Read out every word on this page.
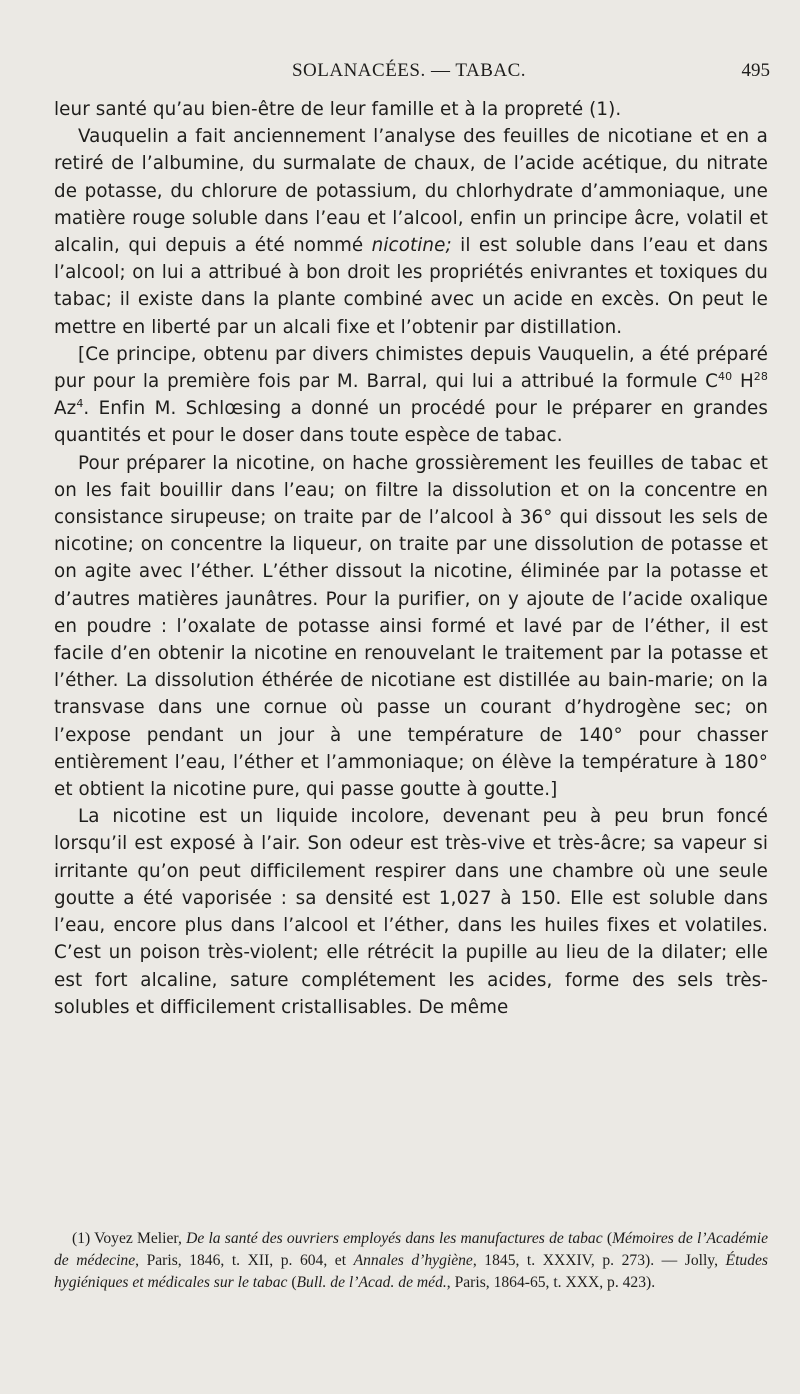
SOLANACÉES. — TABAC.	495

leur santé qu’au bien-être de leur famille et à la propreté (1).

Vauquelin a fait anciennement l’analyse des feuilles de nicotiane et en a retiré de l’albumine, du surmalate de chaux, de l’acide acétique, du nitrate de potasse, du chlorure de potassium, du chlorhydrate d’ammoniaque, une matière rouge soluble dans l’eau et l’alcool, enfin un principe âcre, volatil et alcalin, qui depuis a été nommé nicotine; il est soluble dans l’eau et dans l’alcool; on lui a attribué à bon droit les propriétés enivrantes et toxiques du tabac; il existe dans la plante combiné avec un acide en excès. On peut le mettre en liberté par un alcali fixe et l’obtenir par distillation.

[Ce principe, obtenu par divers chimistes depuis Vauquelin, a été préparé pur pour la première fois par M. Barral, qui lui a attribué la formule $C^{40}$ $H^{28}$ Az$^4$. Enfin M. Schlœsing a donné un procédé pour le préparer en grandes quantités et pour le doser dans toute espèce de tabac.

Pour préparer la nicotine, on hache grossièrement les feuilles de tabac et on les fait bouillir dans l’eau; on filtre la dissolution et on la concentre en consistance sirupeuse; on traite par de l’alcool à 36° qui dissout les sels de nicotine; on concentre la liqueur, on traite par une dissolution de potasse et on agite avec l’éther. L’éther dissout la nicotine, éliminée par la potasse et d’autres matières jaunâtres. Pour la purifier, on y ajoute de l’acide oxalique en poudre : l’oxalate de potasse ainsi formé et lavé par de l’éther, il est facile d’en obtenir la nicotine en renouvelant le traitement par la potasse et l’éther. La dissolution éthérée de nicotiane est distillée au bain-marie; on la transvase dans une cornue où passe un courant d’hydrogène sec; on l’expose pendant un jour à une température de 140° pour chasser entièrement l’eau, l’éther et l’ammoniaque; on élève la température à 180° et obtient la nicotine pure, qui passe goutte à goutte.]

La nicotine est un liquide incolore, devenant peu à peu brun foncé lorsqu’il est exposé à l’air. Son odeur est très-vive et très-âcre; sa vapeur si irritante qu’on peut difficilement respirer dans une chambre où une seule goutte a été vaporisée : sa densité est 1,027 à 150. Elle est soluble dans l’eau, encore plus dans l’alcool et l’éther, dans les huiles fixes et volatiles. C’est un poison très-violent; elle rétrécit la pupille au lieu de la dilater; elle est fort alcaline, sature complétement les acides, forme des sels très-solubles et difficilement cristallisables. De même

(1) Voyez Melier, De la santé des ouvriers employés dans les manufactures de tabac (Mémoires de l’Académie de médecine, Paris, 1846, t. XII, p. 604, et Annales d’hygiène, 1845, t. XXXIV, p. 273). — Jolly, Études hygiéniques et médicales sur le tabac (Bull. de l’Acad. de méd., Paris, 1864-65, t. XXX, p. 423).
